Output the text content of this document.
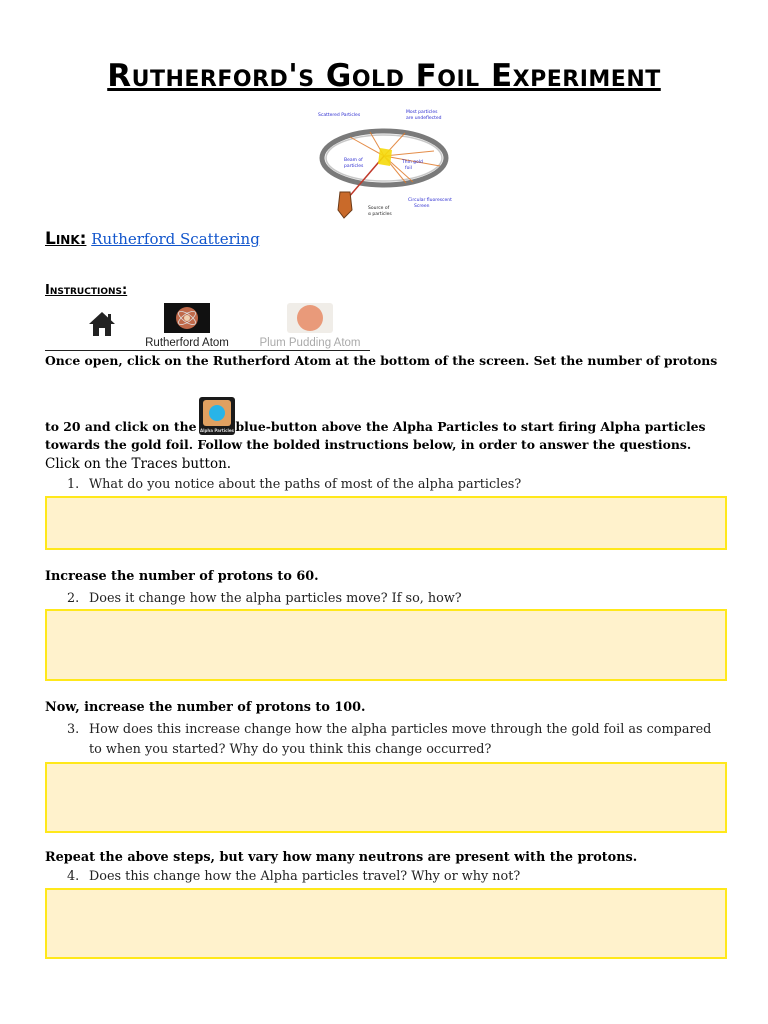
Rutherford's Gold Foil Experiment
Scattered Particles
Most particles
are undeflected
Beam of
particles
Thin gold
foil
Circular fluorescent
Screen
Source of
α particles
Link: Rutherford Scattering
Instructions:
Rutherford Atom	Plum Pudding Atom

Once open, click on the Rutherford Atom at the bottom of the screen. Set the number of protons

to 20 and click on the Alpha Particles blue-button above the Alpha Particles to start firing Alpha particles
towards the gold foil. Follow the bolded instructions below, in order to answer the questions.

Click on the Traces button.

1. What do you notice about the paths of most of the alpha particles?

Increase the number of protons to 60.

2. Does it change how the alpha particles move? If so, how?

Now, increase the number of protons to 100.

3. How does this increase change how the alpha particles move through the gold foil as compared to when you started? Why do you think this change occurred?

Repeat the above steps, but vary how many neutrons are present with the protons.

4. Does this change how the Alpha particles travel? Why or why not?
